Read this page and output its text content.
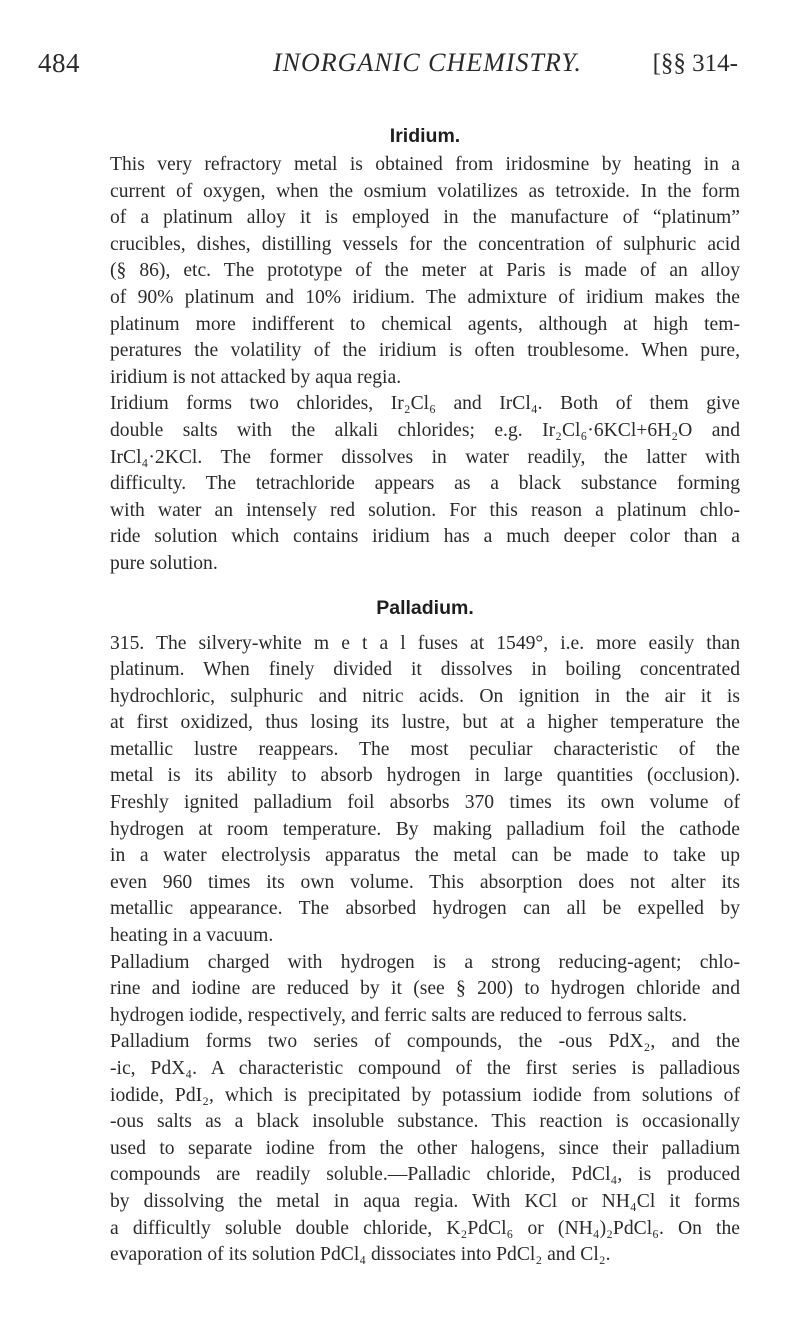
484	INORGANIC CHEMISTRY.	[§§ 314-
Iridium.

This very refractory metal is obtained from iridosmine by heating in a
current of oxygen, when the osmium volatilizes as tetroxide. In the form
of a platinum alloy it is employed in the manufacture of “platinum”
crucibles, dishes, distilling vessels for the concentration of sulphuric acid
(§ 86), etc. The prototype of the meter at Paris is made of an alloy
of 90% platinum and 10% iridium. The admixture of iridium makes the
platinum more indifferent to chemical agents, although at high tem-
peratures the volatility of the iridium is often troublesome. When pure,
iridium is not attacked by aqua regia.

Iridium forms two chlorides, Ir₂Cl₆ and IrCl₄. Both of them give
double salts with the alkali chlorides; e.g. Ir₂Cl₆·6KCl+6H₂O and
IrCl₄·2KCl. The former dissolves in water readily, the latter with
difficulty. The tetrachloride appears as a black substance forming
with water an intensely red solution. For this reason a platinum chlo-
ride solution which contains iridium has a much deeper color than a
pure solution.

Palladium.

315. The silvery-white m e t a l fuses at 1549°, i.e. more easily than
platinum. When finely divided it dissolves in boiling concentrated
hydrochloric, sulphuric and nitric acids. On ignition in the air it is
at first oxidized, thus losing its lustre, but at a higher temperature the
metallic lustre reappears. The most peculiar characteristic of the
metal is its ability to absorb hydrogen in large quantities (occlusion).
Freshly ignited palladium foil absorbs 370 times its own volume of
hydrogen at room temperature. By making palladium foil the cathode
in a water electrolysis apparatus the metal can be made to take up
even 960 times its own volume. This absorption does not alter its
metallic appearance. The absorbed hydrogen can all be expelled by
heating in a vacuum.

Palladium charged with hydrogen is a strong reducing-agent; chlo-
rine and iodine are reduced by it (see § 200) to hydrogen chloride and
hydrogen iodide, respectively, and ferric salts are reduced to ferrous salts.

Palladium forms two series of compounds, the -ous PdX₂, and the
-ic, PdX₄. A characteristic compound of the first series is palladious
iodide, PdI₂, which is precipitated by potassium iodide from solutions of
-ous salts as a black insoluble substance. This reaction is occasionally
used to separate iodine from the other halogens, since their palladium
compounds are readily soluble.—Palladic chloride, PdCl₄, is produced
by dissolving the metal in aqua regia. With KCl or NH₄Cl it forms
a difficultly soluble double chloride, K₂PdCl₆ or (NH₄)₂PdCl₆. On the
evaporation of its solution PdCl₄ dissociates into PdCl₂ and Cl₂.
